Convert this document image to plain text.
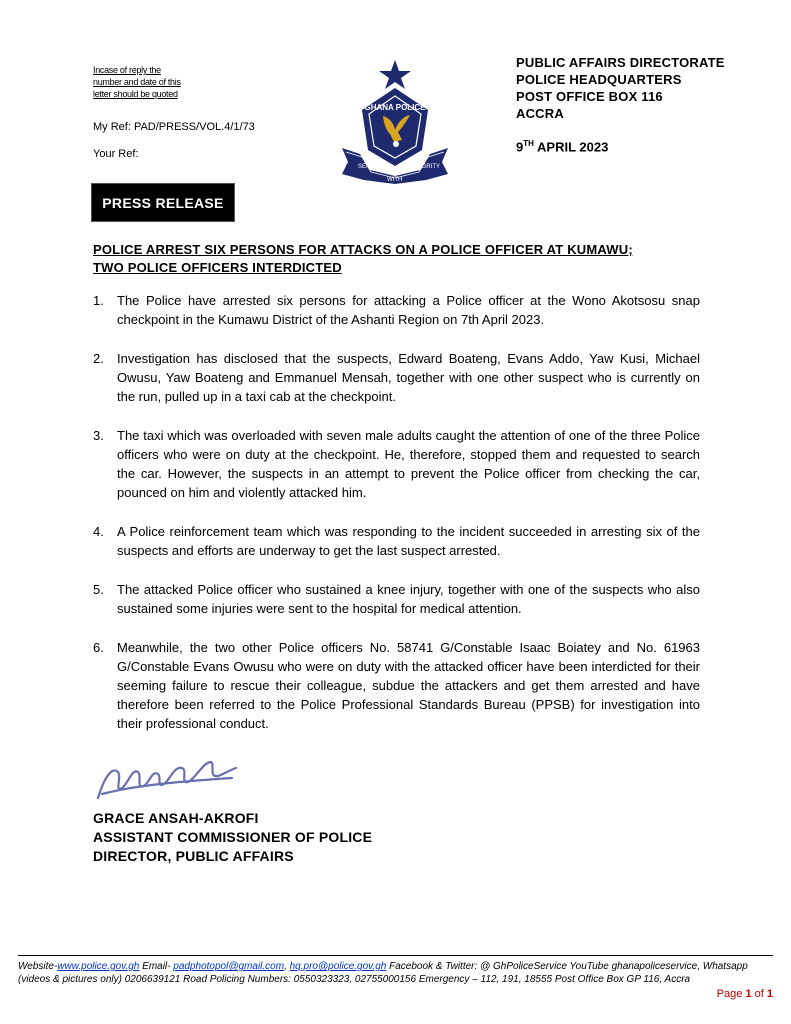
Incase of reply the
number and date of this
letter should be quoted
My Ref: PAD/PRESS/VOL.4/1/73
Your Ref:
GHANA POLICE
SERVICE
WITH
INTEGRITY
PUBLIC AFFAIRS DIRECTORATE
POLICE HEADQUARTERS
POST OFFICE BOX 116
ACCRA
9TH APRIL 2023
PRESS RELEASE
POLICE ARREST SIX PERSONS FOR ATTACKS ON A POLICE OFFICER AT KUMAWU;
TWO POLICE OFFICERS INTERDICTED
1.	The Police have arrested six persons for attacking a Police officer at the Wono Akotsosu snap checkpoint in the Kumawu District of the Ashanti Region on 7th April 2023.
2.	Investigation has disclosed that the suspects, Edward Boateng, Evans Addo, Yaw Kusi, Michael Owusu, Yaw Boateng and Emmanuel Mensah, together with one other suspect who is currently on the run, pulled up in a taxi cab at the checkpoint.
3.	The taxi which was overloaded with seven male adults caught the attention of one of the three Police officers who were on duty at the checkpoint. He, therefore, stopped them and requested to search the car. However, the suspects in an attempt to prevent the Police officer from checking the car, pounced on him and violently attacked him.
4.	A Police reinforcement team which was responding to the incident succeeded in arresting six of the suspects and efforts are underway to get the last suspect arrested.
5.	The attacked Police officer who sustained a knee injury, together with one of the suspects who also sustained some injuries were sent to the hospital for medical attention.
6.	Meanwhile, the two other Police officers No. 58741 G/Constable Isaac Boiatey and No. 61963 G/Constable Evans Owusu who were on duty with the attacked officer have been interdicted for their seeming failure to rescue their colleague, subdue the attackers and get them arrested and have therefore been referred to the Police Professional Standards Bureau (PPSB) for investigation into their professional conduct.
GRACE ANSAH-AKROFI
ASSISTANT COMMISSIONER OF POLICE
DIRECTOR, PUBLIC AFFAIRS
Website-www.police.gov.gh Email- padphotopol@gmail.com, hq.pro@police.gov.gh Facebook & Twitter: @ GhPoliceService YouTube ghanapoliceservice, Whatsapp (videos & pictures only) 0206639121 Road Policing Numbers: 0550323323, 02755000156 Emergency – 112, 191, 18555 Post Office Box GP 116, Accra
Page 1 of 1
